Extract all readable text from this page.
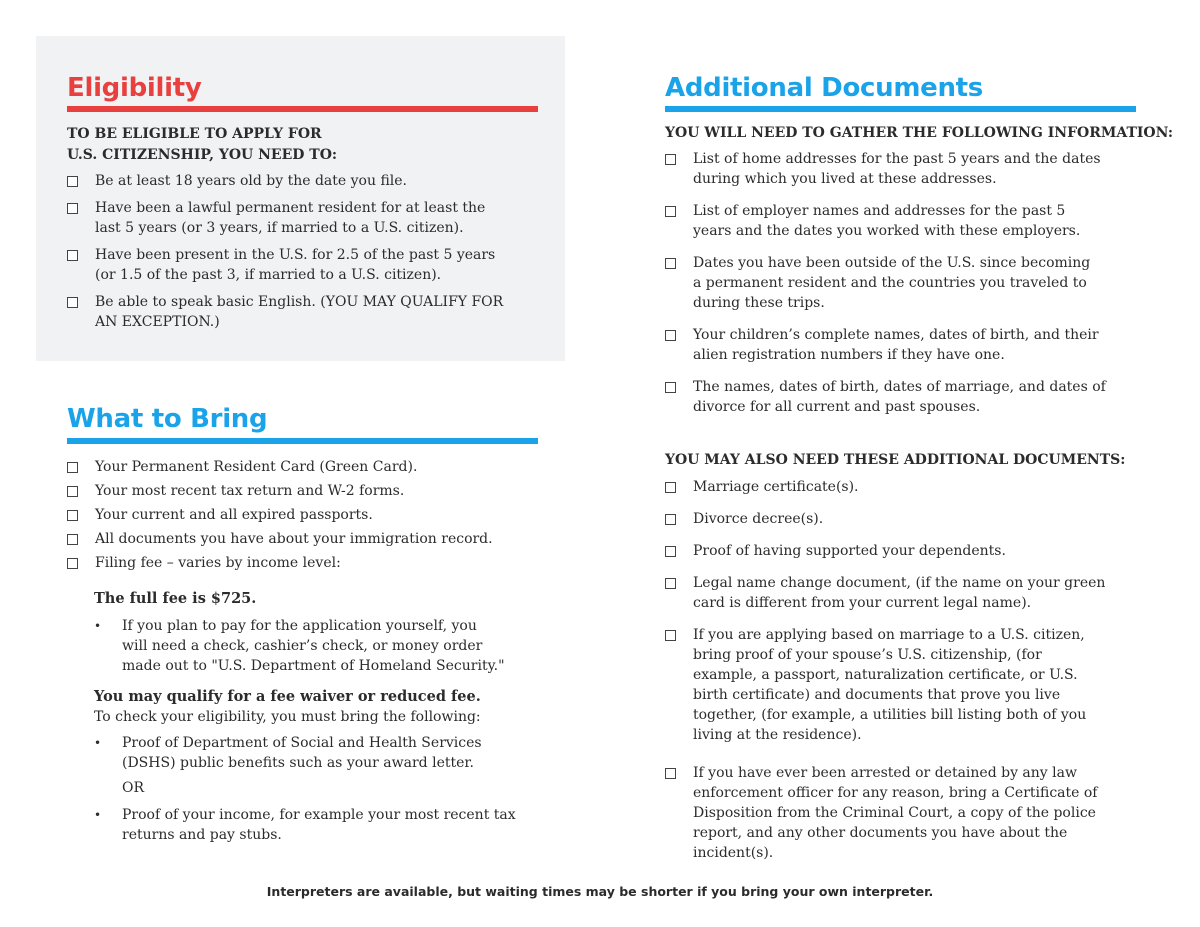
Eligibility
TO BE ELIGIBLE TO APPLY FOR
U.S. CITIZENSHIP, YOU NEED TO:
Be at least 18 years old by the date you file.
Have been a lawful permanent resident for at least the
last 5 years (or 3 years, if married to a U.S. citizen).
Have been present in the U.S. for 2.5 of the past 5 years
(or 1.5 of the past 3, if married to a U.S. citizen).
Be able to speak basic English. (YOU MAY QUALIFY FOR
AN EXCEPTION.)
What to Bring
Your Permanent Resident Card (Green Card).
Your most recent tax return and W-2 forms.
Your current and all expired passports.
All documents you have about your immigration record.
Filing fee – varies by income level:
The full fee is $725.
• If you plan to pay for the application yourself, you
will need a check, cashier’s check, or money order
made out to "U.S. Department of Homeland Security."
You may qualify for a fee waiver or reduced fee.
To check your eligibility, you must bring the following:
• Proof of Department of Social and Health Services
(DSHS) public benefits such as your award letter.
OR
• Proof of your income, for example your most recent tax
returns and pay stubs.
Additional Documents
YOU WILL NEED TO GATHER THE FOLLOWING INFORMATION:
List of home addresses for the past 5 years and the dates
during which you lived at these addresses.
List of employer names and addresses for the past 5
years and the dates you worked with these employers.
Dates you have been outside of the U.S. since becoming
a permanent resident and the countries you traveled to
during these trips.
Your children’s complete names, dates of birth, and their
alien registration numbers if they have one.
The names, dates of birth, dates of marriage, and dates of
divorce for all current and past spouses.
YOU MAY ALSO NEED THESE ADDITIONAL DOCUMENTS:
Marriage certificate(s).
Divorce decree(s).
Proof of having supported your dependents.
Legal name change document, (if the name on your green
card is different from your current legal name).
If you are applying based on marriage to a U.S. citizen,
bring proof of your spouse’s U.S. citizenship, (for
example, a passport, naturalization certificate, or U.S.
birth certificate) and documents that prove you live
together, (for example, a utilities bill listing both of you
living at the residence).
If you have ever been arrested or detained by any law
enforcement officer for any reason, bring a Certificate of
Disposition from the Criminal Court, a copy of the police
report, and any other documents you have about the
incident(s).
Interpreters are available, but waiting times may be shorter if you bring your own interpreter.
